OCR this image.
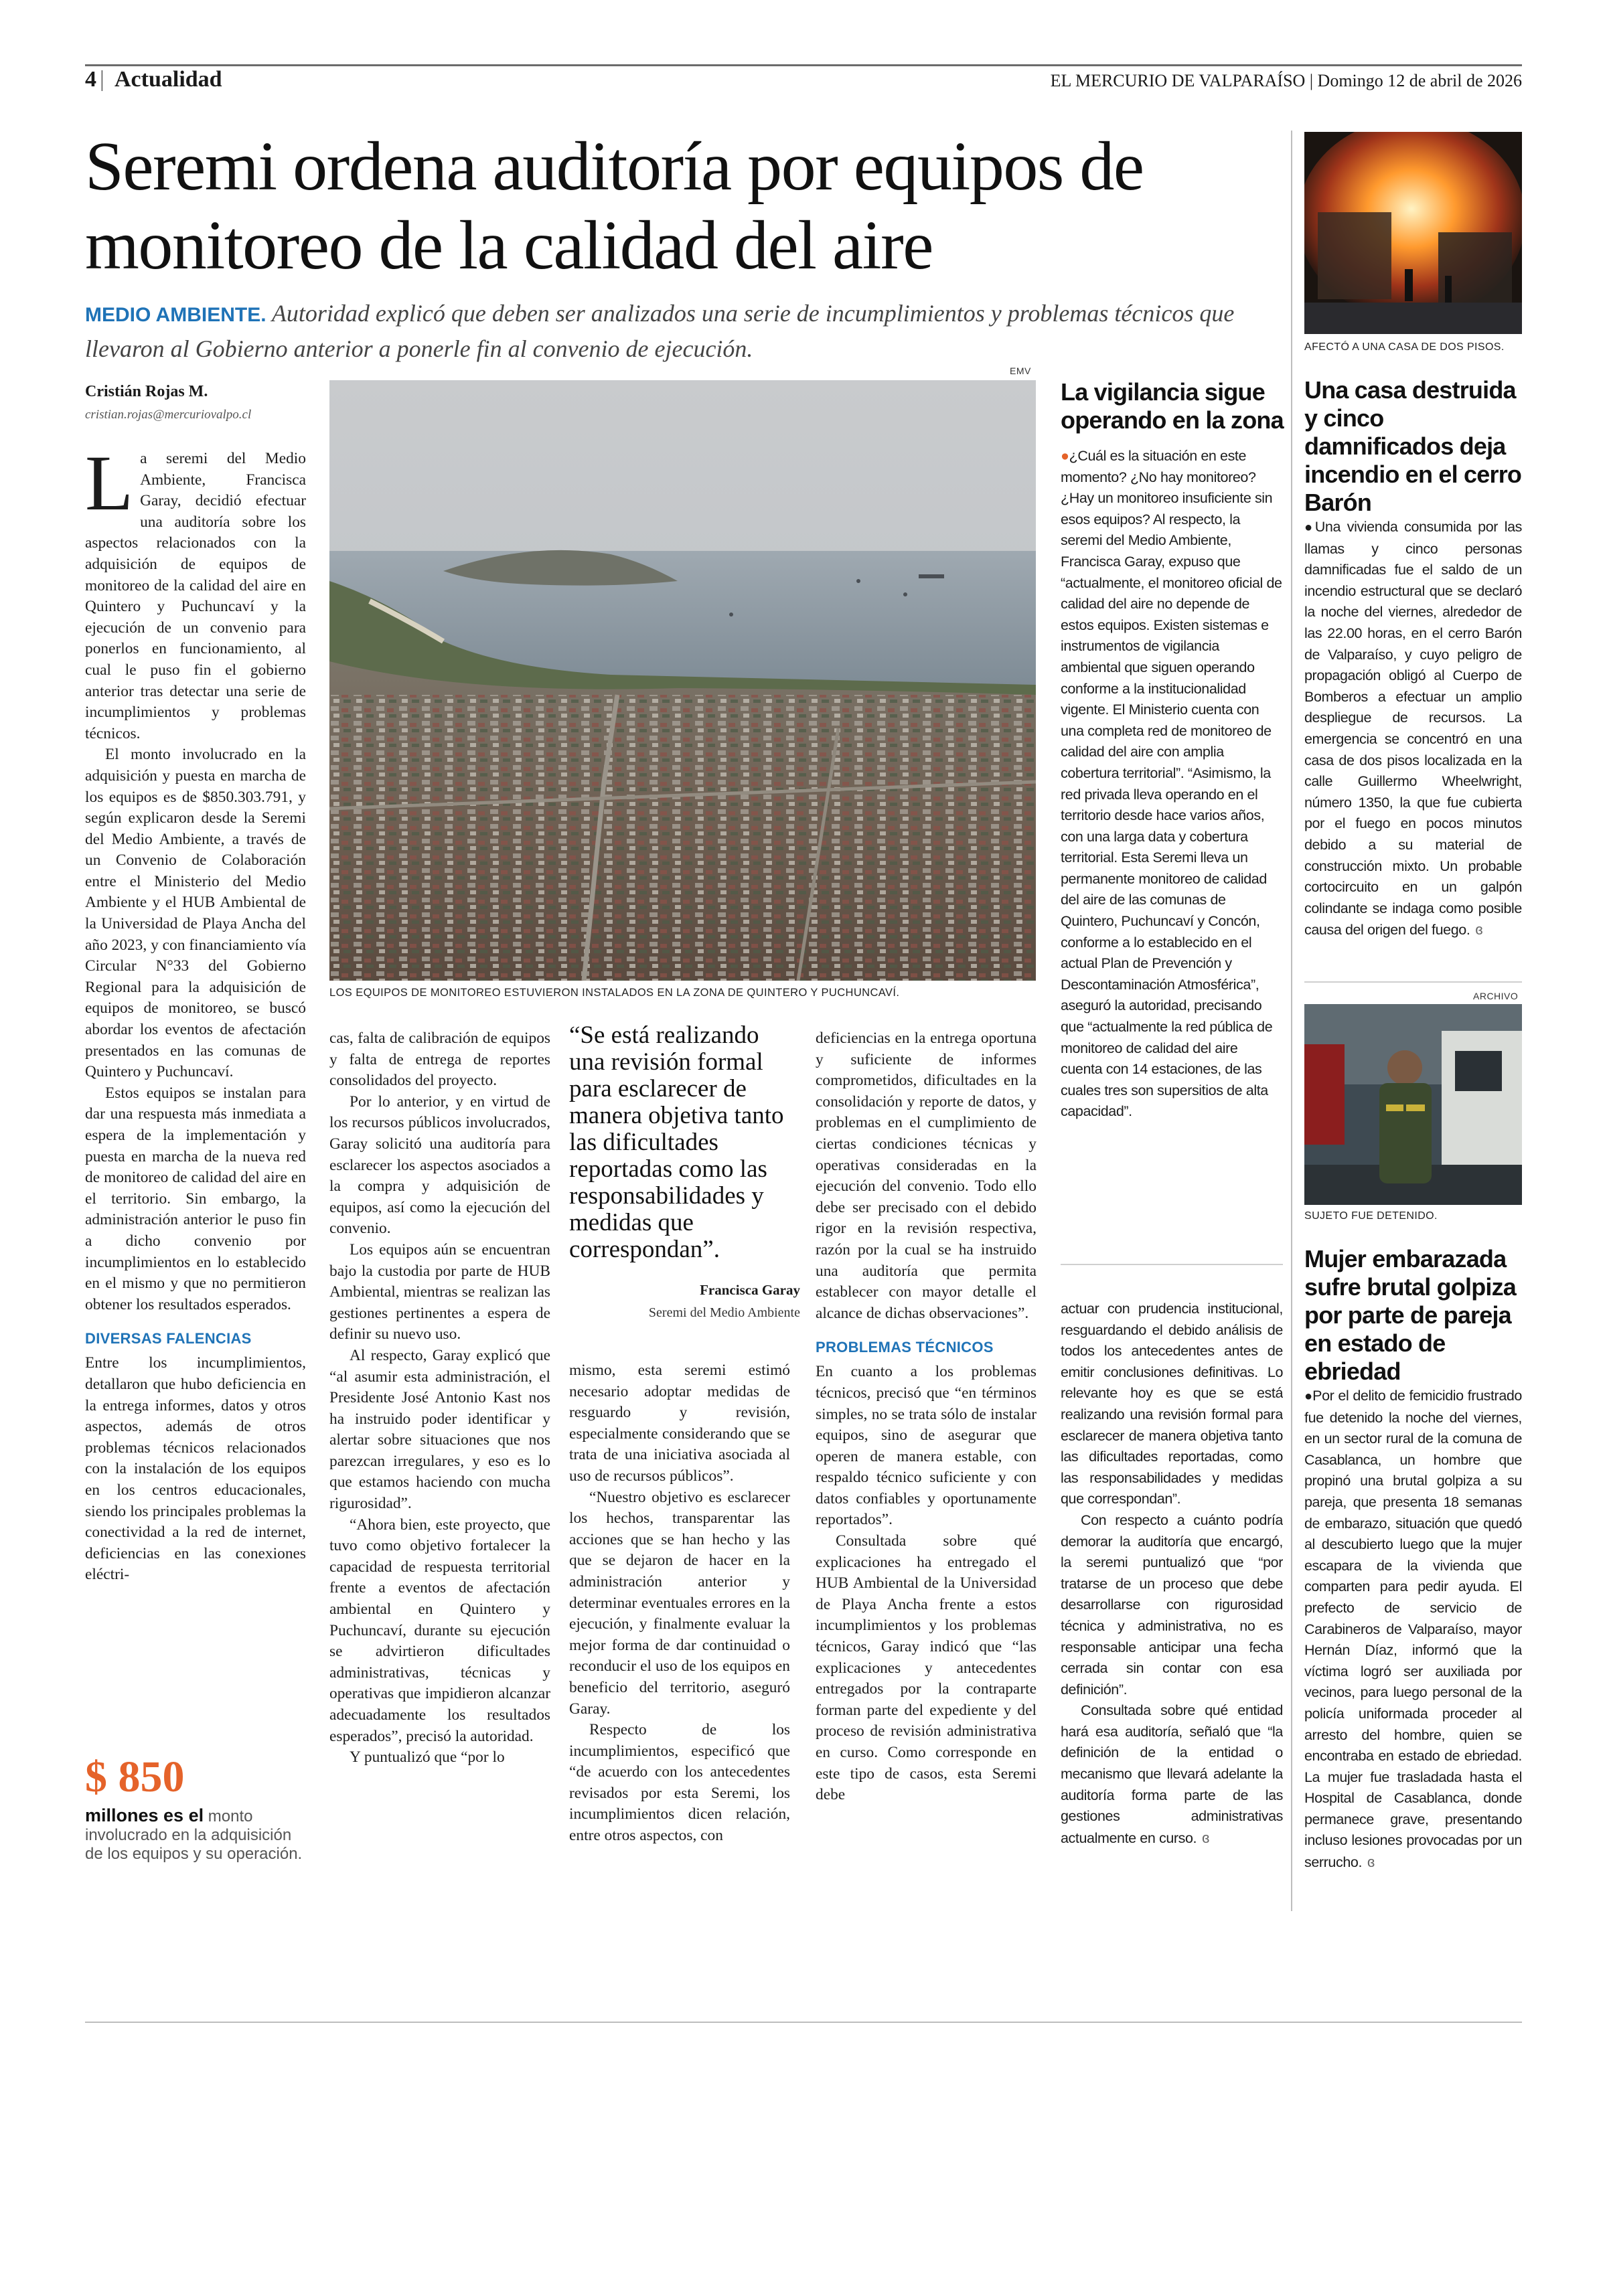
4 | Actualidad	EL MERCURIO DE VALPARAÍSO | Domingo 12 de abril de 2026
Seremi ordena auditoría por equipos de monitoreo de la calidad del aire
MEDIO AMBIENTE. Autoridad explicó que deben ser analizados una serie de incumplimientos y problemas técnicos que llevaron al Gobierno anterior a ponerle fin al convenio de ejecución.
Cristián Rojas M.
cristian.rojas@mercuriovalpo.cl

La seremi del Medio Ambiente, Francisca Garay, decidió efectuar una auditoría sobre los aspectos relacionados con la adquisición de equipos de monitoreo de la calidad del aire en Quintero y Puchuncaví y la ejecución de un convenio para ponerlos en funcionamiento, al cual le puso fin el gobierno anterior tras detectar una serie de incumplimientos y problemas técnicos.

El monto involucrado en la adquisición y puesta en marcha de los equipos es de $850.303.791, y según explicaron desde la Seremi del Medio Ambiente, a través de un Convenio de Colaboración entre el Ministerio del Medio Ambiente y el HUB Ambiental de la Universidad de Playa Ancha del año 2023, y con financiamiento vía Circular N°33 del Gobierno Regional para la adquisición de equipos de monitoreo, se buscó abordar los eventos de afectación presentados en las comunas de Quintero y Puchuncaví.

Estos equipos se instalan para dar una respuesta más inmediata a espera de la implementación y puesta en marcha de la nueva red de monitoreo de calidad del aire en el territorio. Sin embargo, la administración anterior le puso fin a dicho convenio por incumplimientos en lo establecido en el mismo y que no permitieron obtener los resultados esperados.

DIVERSAS FALENCIAS

Entre los incumplimientos, detallaron que hubo deficiencia en la entrega informes, datos y otros aspectos, además de otros problemas técnicos relacionados con la instalación de los equipos en los centros educacionales, siendo los principales problemas la conectividad a la red de internet, deficiencias en las conexiones eléctri-

$ 850
millones es el monto involucrado en la adquisición de los equipos y su operación.
EMV
LOS EQUIPOS DE MONITOREO ESTUVIERON INSTALADOS EN LA ZONA DE QUINTERO Y PUCHUNCAVÍ.

cas, falta de calibración de equipos y falta de entrega de reportes consolidados del proyecto.

Por lo anterior, y en virtud de los recursos públicos involucrados, Garay solicitó una auditoría para esclarecer los aspectos asociados a la compra y adquisición de equipos, así como la ejecución del convenio.

Los equipos aún se encuentran bajo la custodia por parte de HUB Ambiental, mientras se realizan las gestiones pertinentes a espera de definir su nuevo uso.

Al respecto, Garay explicó que “al asumir esta administración, el Presidente José Antonio Kast nos ha instruido poder identificar y alertar sobre situaciones que nos parezcan irregulares, y eso es lo que estamos haciendo con mucha rigurosidad”.

“Ahora bien, este proyecto, que tuvo como objetivo fortalecer la capacidad de respuesta territorial frente a eventos de afectación ambiental en Quintero y Puchuncaví, durante su ejecución se advirtieron dificultades administrativas, técnicas y operativas que impidieron alcanzar adecuadamente los resultados esperados”, precisó la autoridad.

Y puntualizó que “por lo

“Se está realizando una revisión formal para esclarecer de manera objetiva tanto las dificultades reportadas como las responsabilidades y medidas que correspondan”.
Francisca Garay
Seremi del Medio Ambiente

mismo, esta seremi estimó necesario adoptar medidas de resguardo y revisión, especialmente considerando que se trata de una iniciativa asociada al uso de recursos públicos”.

“Nuestro objetivo es esclarecer los hechos, transparentar las acciones que se han hecho y las que se dejaron de hacer en la administración anterior y determinar eventuales errores en la ejecución, y finalmente evaluar la mejor forma de dar continuidad o reconducir el uso de los equipos en beneficio del territorio, aseguró Garay.

Respecto de los incumplimientos, especificó que “de acuerdo con los antecedentes revisados por esta Seremi, los incumplimientos dicen relación, entre otros aspectos, con

deficiencias en la entrega oportuna y suficiente de informes comprometidos, dificultades en la consolidación y reporte de datos, y problemas en el cumplimiento de ciertas condiciones técnicas y operativas consideradas en la ejecución del convenio. Todo ello debe ser precisado con el debido rigor en la revisión respectiva, razón por la cual se ha instruido una auditoría que permita establecer con mayor detalle el alcance de dichas observaciones”.

PROBLEMAS TÉCNICOS

En cuanto a los problemas técnicos, precisó que “en términos simples, no se trata sólo de instalar equipos, sino de asegurar que operen de manera estable, con respaldo técnico suficiente y con datos confiables y oportunamente reportados”.

Consultada sobre qué explicaciones ha entregado el HUB Ambiental de la Universidad de Playa Ancha frente a estos incumplimientos y los problemas técnicos, Garay indicó que “las explicaciones y antecedentes entregados por la contraparte forman parte del expediente y del proceso de revisión administrativa en curso. Como corresponde en este tipo de casos, esta Seremi debe

La vigilancia sigue operando en la zona
●¿Cuál es la situación en este momento? ¿No hay monitoreo? ¿Hay un monitoreo insuficiente sin esos equipos? Al respecto, la seremi del Medio Ambiente, Francisca Garay, expuso que “actualmente, el monitoreo oficial de calidad del aire no depende de estos equipos. Existen sistemas e instrumentos de vigilancia ambiental que siguen operando conforme a la institucionalidad vigente. El Ministerio cuenta con una completa red de monitoreo de calidad del aire con amplia cobertura territorial”. “Asimismo, la red privada lleva operando en el territorio desde hace varios años, con una larga data y cobertura territorial. Esta Seremi lleva un permanente monitoreo de calidad del aire de las comunas de Quintero, Puchuncaví y Concón, conforme a lo establecido en el actual Plan de Prevención y Descontaminación Atmosférica”, aseguró la autoridad, precisando que “actualmente la red pública de monitoreo de calidad del aire cuenta con 14 estaciones, de las cuales tres son supersitios de alta capacidad”.

actuar con prudencia institucional, resguardando el debido análisis de todos los antecedentes antes de emitir conclusiones definitivas. Lo relevante hoy es que se está realizando una revisión formal para esclarecer de manera objetiva tanto las dificultades reportadas, como las responsabilidades y medidas que correspondan”.

Con respecto a cuánto podría demorar la auditoría que encargó, la seremi puntualizó que “por tratarse de un proceso que debe desarrollarse con rigurosidad técnica y administrativa, no es responsable anticipar una fecha cerrada sin contar con esa definición”.

Consultada sobre qué entidad hará esa auditoría, señaló que “la definición de la entidad o mecanismo que llevará adelante la auditoría forma parte de las gestiones administrativas actualmente en curso. ɞ

AFECTÓ A UNA CASA DE DOS PISOS.
Una casa destruida y cinco damnificados deja incendio en el cerro Barón
●Una vivienda consumida por las llamas y cinco personas damnificadas fue el saldo de un incendio estructural que se declaró la noche del viernes, alrededor de las 22.00 horas, en el cerro Barón de Valparaíso, y cuyo peligro de propagación obligó al Cuerpo de Bomberos a efectuar un amplio despliegue de recursos. La emergencia se concentró en una casa de dos pisos localizada en la calle Guillermo Wheelwright, número 1350, la que fue cubierta por el fuego en pocos minutos debido a su material de construcción mixto. Un probable cortocircuito en un galpón colindante se indaga como posible causa del origen del fuego. ɞ
ARCHIVO
SUJETO FUE DETENIDO.
Mujer embarazada sufre brutal golpiza por parte de pareja en estado de ebriedad
●Por el delito de femicidio frustrado fue detenido la noche del viernes, en un sector rural de la comuna de Casablanca, un hombre que propinó una brutal golpiza a su pareja, que presenta 18 semanas de embarazo, situación que quedó al descubierto luego que la mujer escapara de la vivienda que comparten para pedir ayuda. El prefecto de servicio de Carabineros de Valparaíso, mayor Hernán Díaz, informó que la víctima logró ser auxiliada por vecinos, para luego personal de la policía uniformada proceder al arresto del hombre, quien se encontraba en estado de ebriedad. La mujer fue trasladada hasta el Hospital de Casablanca, donde permanece grave, presentando incluso lesiones provocadas por un serrucho. ɞ
